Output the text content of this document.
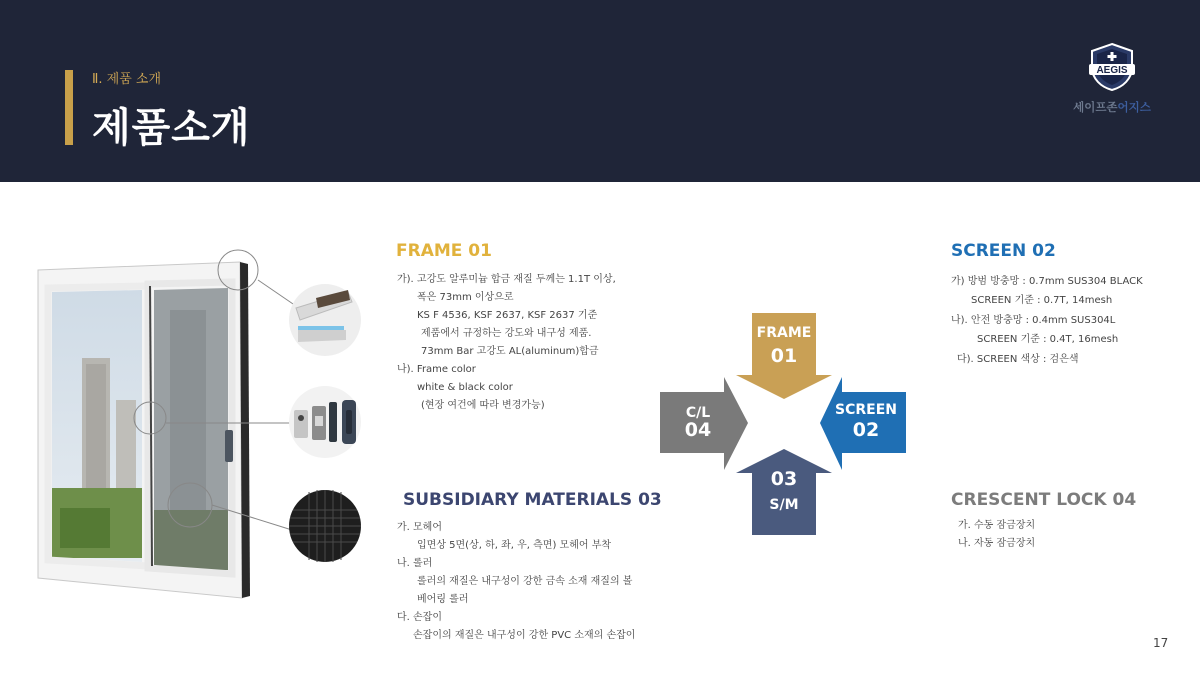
Ⅱ. 제품 소개
제품소개
AEGIS
세이프존어지스
FRAME 01
가). 고강도 알루미늄 합금 재질 두께는 1.1T 이상,
폭은 73mm 이상으로
KS F 4536, KSF 2637, KSF 2637 기준
제품에서 규정하는 강도와 내구성 제품.
73mm Bar 고강도 AL(aluminum)합금
나). Frame color
white & black color
(현장 여건에 따라 변경가능)
SUBSIDIARY MATERIALS 03
가. 모헤어
입면상 5면(상, 하, 좌, 우, 측면) 모헤어 부착
나. 롤러
롤러의 재질은 내구성이 강한 금속 소재 재질의 볼
베어링 롤러
다. 손잡이
손잡이의 재질은 내구성이 강한 PVC 소재의 손잡이
SCREEN 02
가) 방범 방충망 : 0.7mm SUS304 BLACK
SCREEN 기준 : 0.7T, 14mesh
나). 안전 방충망 : 0.4mm SUS304L
SCREEN 기준 : 0.4T, 16mesh
다). SCREEN 색상 : 검은색
CRESCENT LOCK 04
가. 수동 잠금장치
나. 자동 잠금장치
FRAME
01
SCREEN
02
03
S/M
C/L
04
17
